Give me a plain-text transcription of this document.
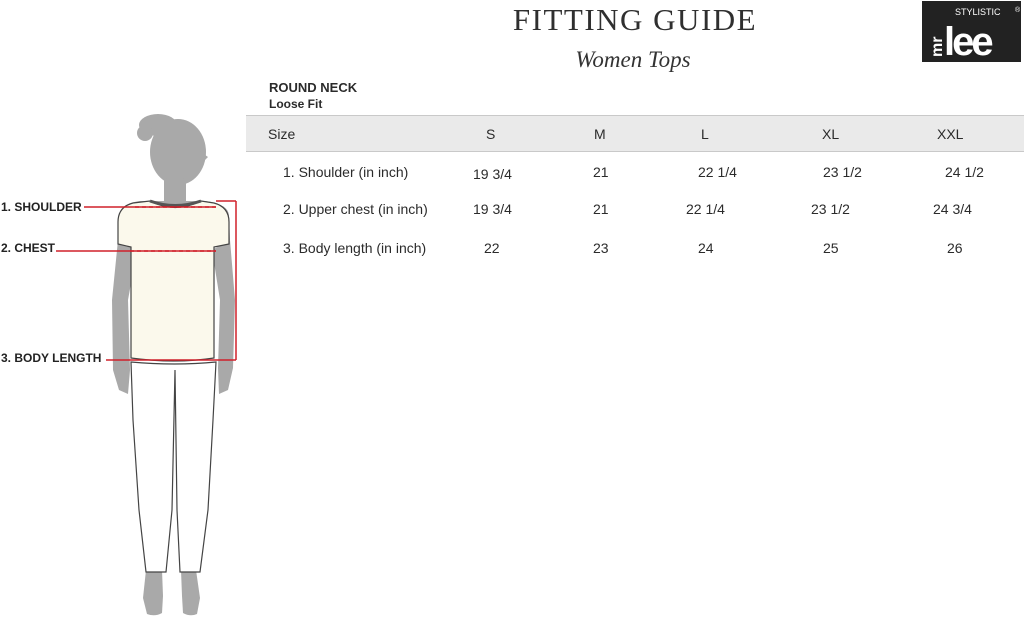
FITTING GUIDE
Women Tops
STYLISTIC ®
mr
lee
ROUND NECK
Loose Fit
Size	S	M	L	XL	XXL
1. Shoulder (in inch)	19 3/4	21	22 1/4	23 1/2	24 1/2
2. Upper chest (in inch)	19 3/4	21	22 1/4	23 1/2	24 3/4
3. Body length (in inch)	22	23	24	25	26
1. SHOULDER
2. CHEST
3. BODY LENGTH
